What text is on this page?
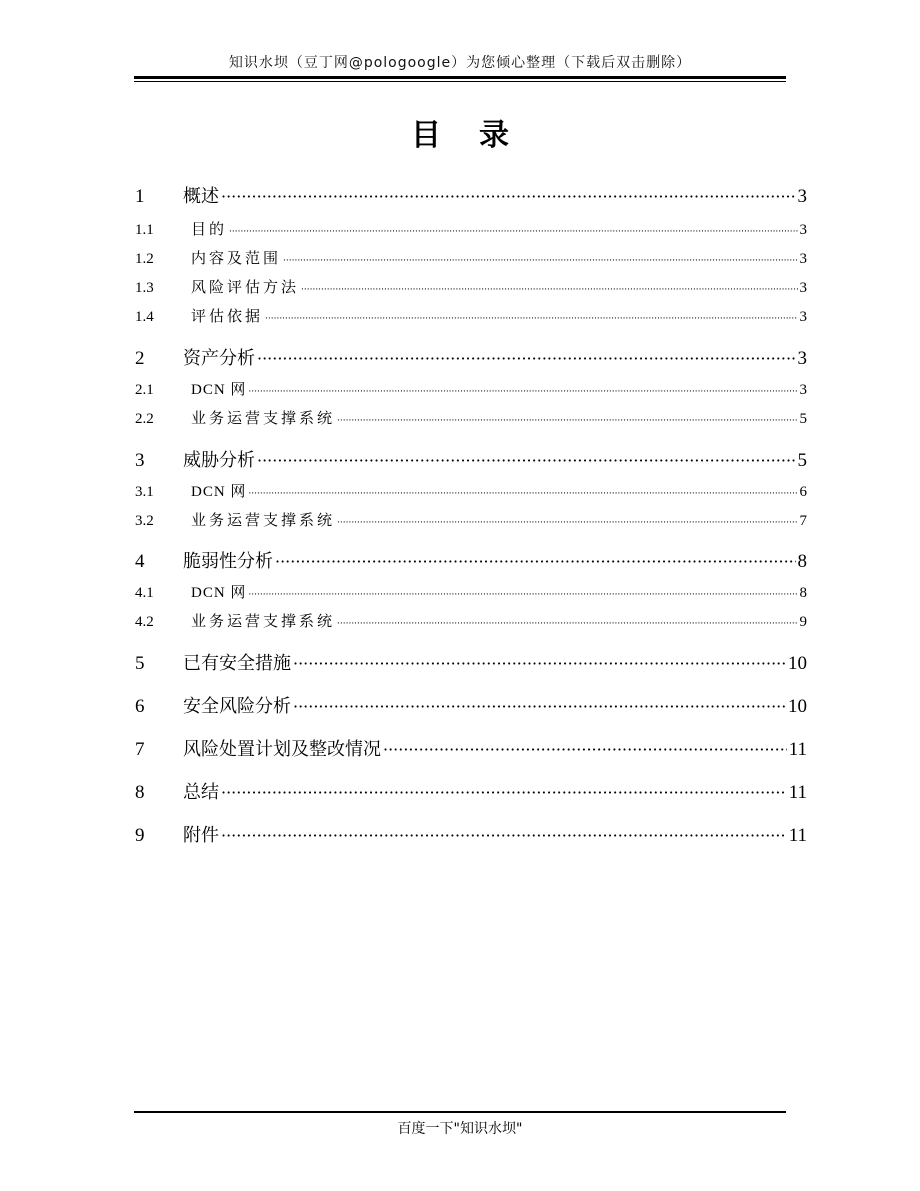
知识水坝（豆丁网@pologoogle）为您倾心整理（下载后双击删除）
目录
1	概述 ·····	3
1.1	目的 ·····	3
1.2	内容及范围 ·····	3
1.3	风险评估方法 ·····	3
1.4	评估依据 ·····	3
2	资产分析 ·····	3
2.1	DCN 网 ·····	3
2.2	业务运营支撑系统 ·····	5
3	威胁分析 ·····	5
3.1	DCN 网 ·····	6
3.2	业务运营支撑系统 ·····	7
4	脆弱性分析 ·····	8
4.1	DCN 网 ·····	8
4.2	业务运营支撑系统 ·····	9
5	已有安全措施 ·····	10
6	安全风险分析 ·····	10
7	风险处置计划及整改情况 ·····	11
8	总结 ·····	11
9	附件 ·····	11
百度一下"知识水坝"
